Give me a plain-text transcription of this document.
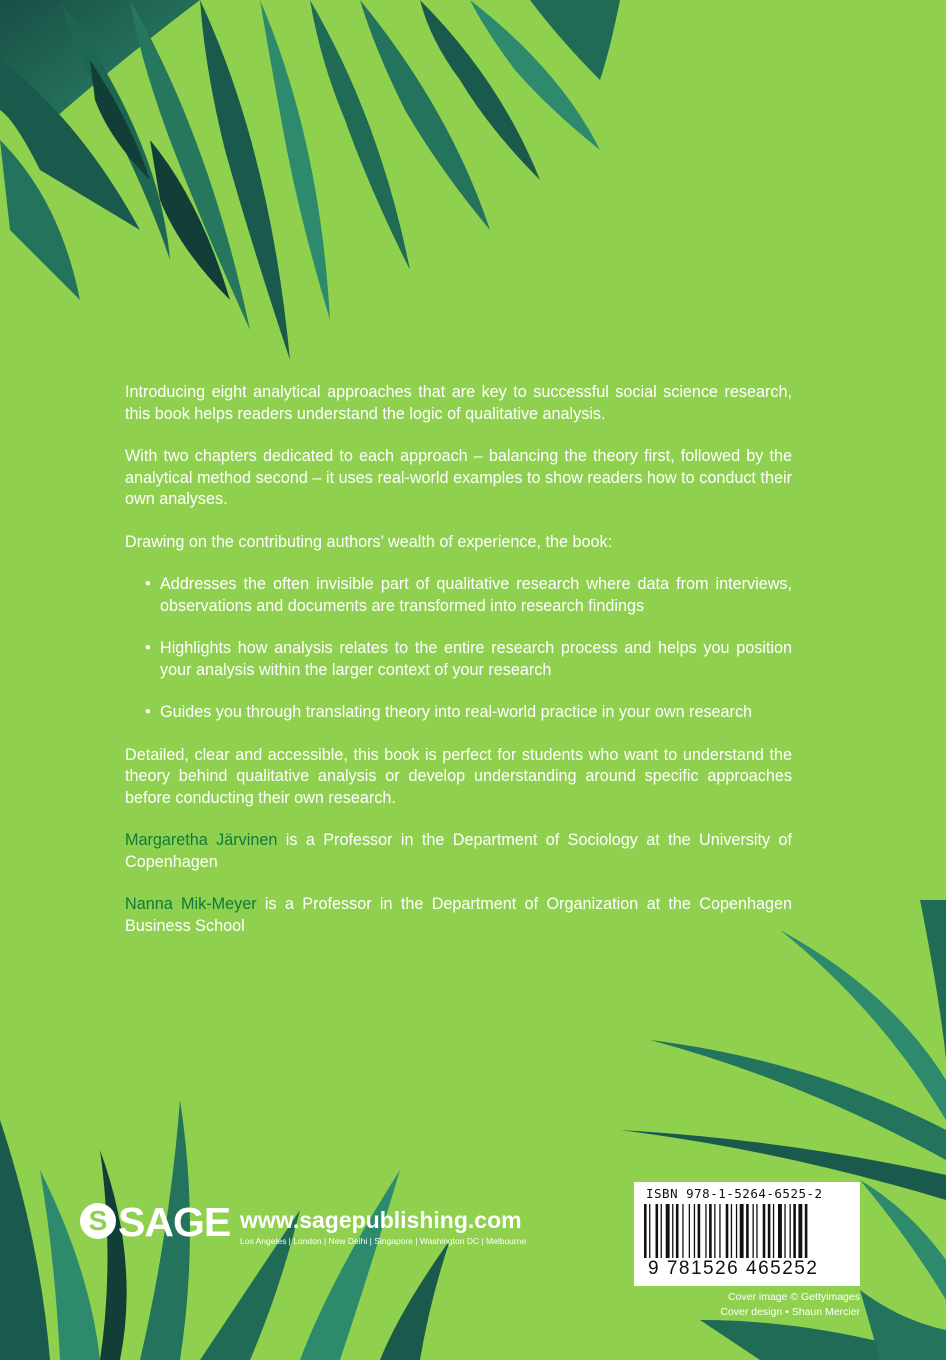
Introducing eight analytical approaches that are key to successful social science research, this book helps readers understand the logic of qualitative analysis.

With two chapters dedicated to each approach – balancing the theory first, followed by the analytical method second – it uses real-world examples to show readers how to conduct their own analyses.

Drawing on the contributing authors’ wealth of experience, the book:

• Addresses the often invisible part of qualitative research where data from interviews, observations and documents are transformed into research findings
• Highlights how analysis relates to the entire research process and helps you position your analysis within the larger context of your research
• Guides you through translating theory into real-world practice in your own research

Detailed, clear and accessible, this book is perfect for students who want to understand the theory behind qualitative analysis or develop understanding around specific approaches before conducting their own research.

Margaretha Järvinen is a Professor in the Department of Sociology at the University of Copenhagen

Nanna Mik-Meyer is a Professor in the Department of Organization at the Copenhagen Business School

S SAGE www.sagepublishing.com
Los Angeles | London | New Delhi | Singapore | Washington DC | Melbourne
ISBN 978-1-5264-6525-2
9 781526 465252
Cover image © Gettyimages
Cover design • Shaun Mercier
